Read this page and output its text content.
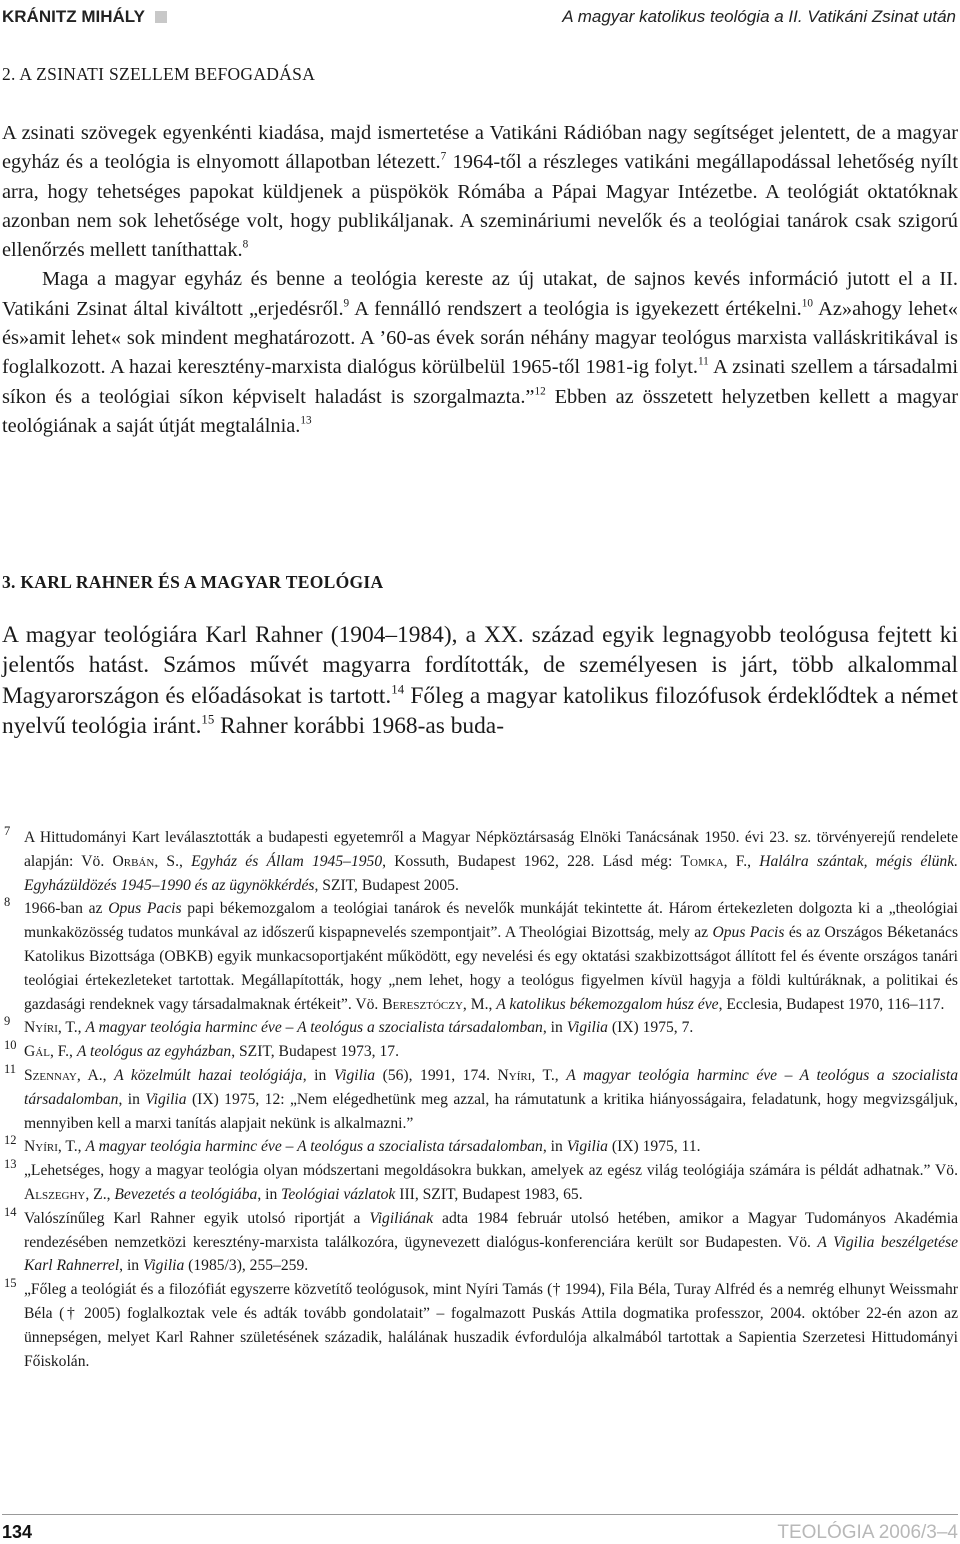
KRÁNITZ MIHÁLY	A magyar katolikus teológia a II. Vatikáni Zsinat után
2. A ZSINATI SZELLEM BEFOGADÁSA

A zsinati szövegek egyenkénti kiadása, majd ismertetése a Vatikáni Rádióban nagy segítséget jelentett, de a magyar egyház és a teológia is elnyomott állapotban létezett.$^7$ 1964-től a részleges vatikáni megállapodással lehetőség nyílt arra, hogy tehetséges papokat küldjenek a püspökök Rómába a Pápai Magyar Intézetbe. A teológiát oktatóknak azonban nem sok lehetősége volt, hogy publikáljanak. A szemináriumi nevelők és a teológiai tanárok csak szigorú ellenőrzés mellett taníthattak.$^8$

Maga a magyar egyház és benne a teológia kereste az új utakat, de sajnos kevés információ jutott el a II. Vatikáni Zsinat által kiváltott „erjedésről.$^9$ A fennálló rendszert a teológia is igyekezett értékelni.$^{10}$ Az»ahogy lehet« és»amit lehet« sok mindent meghatározott. A ’60-as évek során néhány magyar teológus marxista valláskritikával is foglalkozott. A hazai keresztény-marxista dialógus körülbelül 1965-től 1981-ig folyt.$^{11}$ A zsinati szellem a társadalmi síkon és a teológiai síkon képviselt haladást is szorgalmazta.”$^{12}$ Ebben az összetett helyzetben kellett a magyar teológiának a saját útját megtalálnia.$^{13}$

3. KARL RAHNER ÉS A MAGYAR TEOLÓGIA

A magyar teológiára Karl Rahner (1904–1984), a XX. század egyik legnagyobb teológusa fejtett ki jelentős hatást. Számos művét magyarra fordították, de személyesen is járt, több alkalommal Magyarországon és előadásokat is tartott.$^{14}$ Főleg a magyar katolikus filozófusok érdeklődtek a német nyelvű teológia iránt.$^{15}$ Rahner korábbi 1968-as buda-

7 A Hittudományi Kart leválasztották a budapesti egyetemről a Magyar Népköztársaság Elnöki Tanácsának 1950. évi 23. sz. törvényerejű rendelete alapján: Vö. Orbán, S., Egyház és Állam 1945–1950, Kossuth, Budapest 1962, 228. Lásd még: Tomka, F., Halálra szántak, mégis élünk. Egyházüldözés 1945–1990 és az ügynökkérdés, SZIT, Budapest 2005.
8 1966-ban az Opus Pacis papi békemozgalom a teológiai tanárok és nevelők munkáját tekintette át. Három értekezleten dolgozta ki a „theológiai munkaközösség tudatos munkával az időszerű kispapnevelés szempontjait”. A Theológiai Bizottság, mely az Opus Pacis és az Országos Béketanács Katolikus Bizottsága (OBKB) egyik munkacsoportjaként működött, egy nevelési és egy oktatási szakbizottságot állított fel és évente országos tanári teológiai értekezleteket tartottak. Megállapították, hogy „nem lehet, hogy a teológus figyelmen kívül hagyja a földi kultúráknak, a politikai és gazdasági rendeknek vagy társadalmaknak értékeit”. Vö. Beresztóczy, M., A katolikus békemozgalom húsz éve, Ecclesia, Budapest 1970, 116–117.
9 Nyíri, T., A magyar teológia harminc éve – A teológus a szocialista társadalomban, in Vigilia (IX) 1975, 7.
10 Gál, F., A teológus az egyházban, SZIT, Budapest 1973, 17.
11 Szennay, A., A közelmúlt hazai teológiája, in Vigilia (56), 1991, 174. Nyíri, T., A magyar teológia harminc éve – A teológus a szocialista társadalomban, in Vigilia (IX) 1975, 12: „Nem elégedhetünk meg azzal, ha rámutatunk a kritika hiányosságaira, feladatunk, hogy megvizsgáljuk, mennyiben kell a marxi tanítás alapjait nekünk is alkalmazni.”
12 Nyíri, T., A magyar teológia harminc éve – A teológus a szocialista társadalomban, in Vigilia (IX) 1975, 11.
13 „Lehetséges, hogy a magyar teológia olyan módszertani megoldásokra bukkan, amelyek az egész világ teológiája számára is példát adhatnak.” Vö. Alszeghy, Z., Bevezetés a teológiába, in Teológiai vázlatok III, SZIT, Budapest 1983, 65.
14 Valószínűleg Karl Rahner egyik utolsó riportját a Vigiliának adta 1984 február utolsó hetében, amikor a Magyar Tudományos Akadémia rendezésében nemzetközi keresztény-marxista találkozóra, ügynevezett dialógus-konferenciára került sor Budapesten. Vö. A Vigilia beszélgetése Karl Rahnerrel, in Vigilia (1985/3), 255–259.
15 „Főleg a teológiát és a filozófiát egyszerre közvetítő teológusok, mint Nyíri Tamás († 1994), Fila Béla, Turay Alfréd és a nemrég elhunyt Weissmahr Béla († 2005) foglalkoztak vele és adták tovább gondolatait” – fogalmazott Puskás Attila dogmatika professzor, 2004. október 22-én azon az ünnepségen, melyet Karl Rahner születésének századik, halálának huszadik évfordulója alkalmából tartottak a Sapientia Szerzetesi Hittudományi Főiskolán.
134	TEOLÓGIA 2006/3–4
